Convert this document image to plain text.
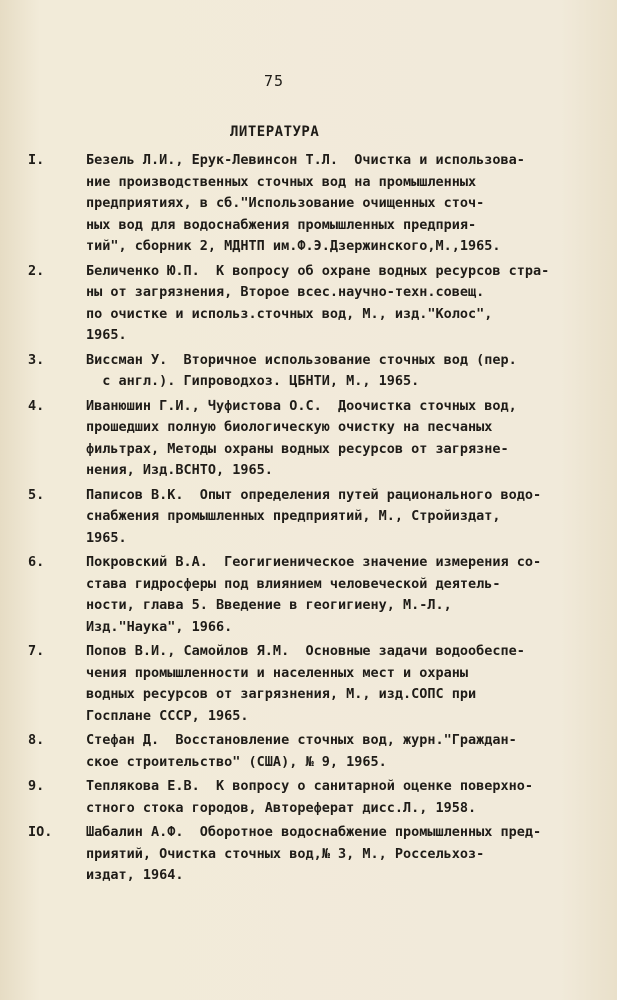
75
ЛИТЕРАТУРА
I.	Безель Л.И., Ерук-Левинсон Т.Л.  Очистка и использова-
ние производственных сточных вод на промышленных
предприятиях, в сб."Использование очищенных сточ-
ных вод для водоснабжения промышленных предприя-
тий", сборник 2, МДНТП им.Ф.Э.Дзержинского,М.,1965.
2.	Беличенко Ю.П.  К вопросу об охране водных ресурсов стра-
ны от загрязнения, Второе всес.научно-техн.совещ.
по очистке и использ.сточных вод, М., изд."Колос",
1965.
3.	Виссман У.  Вторичное использование сточных вод (пер.
с англ.). Гипроводхоз. ЦБНТИ, М., 1965.
4.	Иванюшин Г.И., Чуфистова О.С.  Доочистка сточных вод,
прошедших полную биологическую очистку на песчаных
фильтрах, Методы охраны водных ресурсов от загрязне-
нения, Изд.ВСНТО, 1965.
5.	Паписов В.К.  Опыт определения путей рационального водо-
снабжения промышленных предприятий, М., Стройиздат,
1965.
6.	Покровский В.А.  Геогигиеническое значение измерения со-
става гидросферы под влиянием человеческой деятель-
ности, глава 5. Введение в геогигиену, М.-Л.,
Изд."Наука", 1966.
7.	Попов В.И., Самойлов Я.М.  Основные задачи водообеспе-
чения промышленности и населенных мест и охраны
водных ресурсов от загрязнения, М., изд.СОПС при
Госплане СССР, 1965.
8.	Стефан Д.  Восстановление сточных вод, журн."Граждан-
ское строительство" (США), № 9, 1965.
9.	Теплякова Е.В.  К вопросу о санитарной оценке поверхно-
стного стока городов, Автореферат дисс.Л., 1958.
IO.	Шабалин А.Ф.  Оборотное водоснабжение промышленных пред-
приятий, Очистка сточных вод,№ 3, М., Россельхоз-
издат, 1964.
